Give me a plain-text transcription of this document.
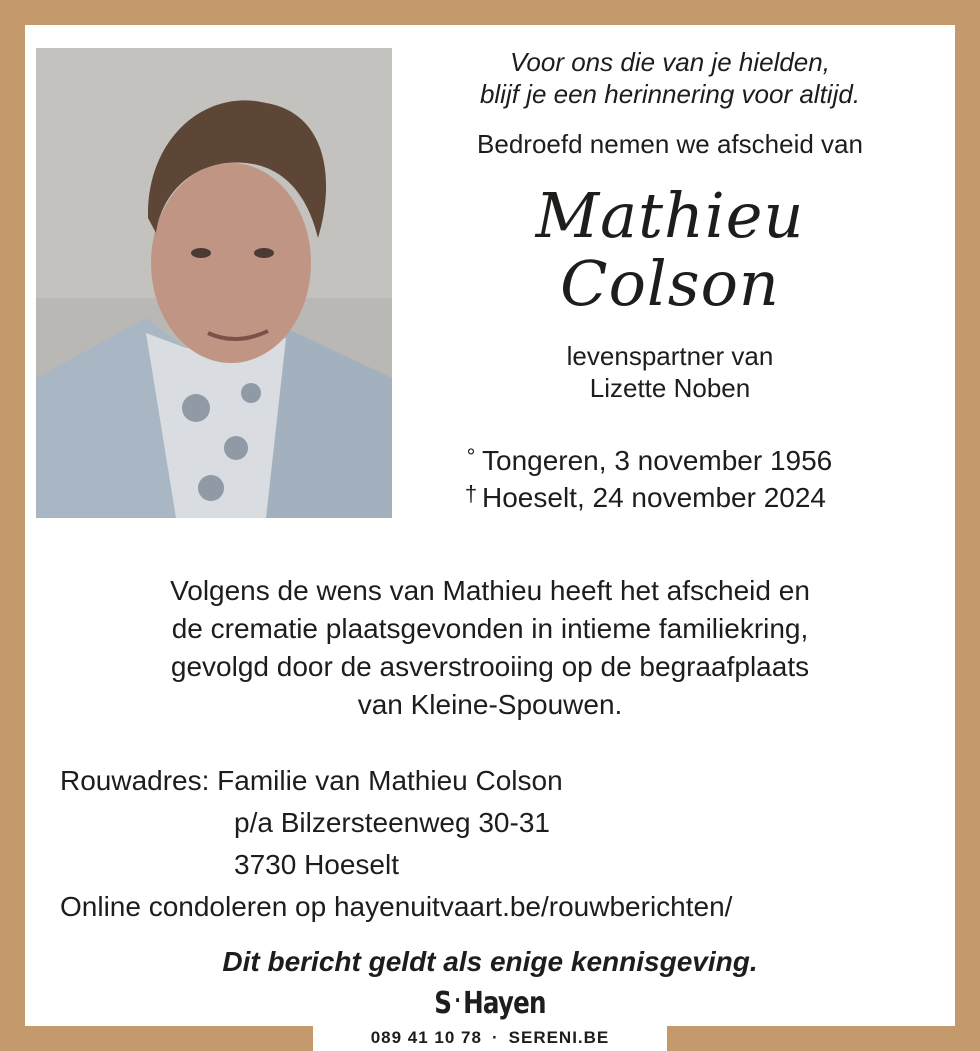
Voor ons die van je hielden,
blijf je een herinnering voor altijd.
Bedroefd nemen we afscheid van
Mathieu
Colson
levenspartner van
Lizette Noben
° Tongeren, 3 november 1956
† Hoeselt, 24 november 2024
Volgens de wens van Mathieu heeft het afscheid en
de crematie plaatsgevonden in intieme familiekring,
gevolgd door de asverstrooiing op de begraafplaats
van Kleine-Spouwen.
Rouwadres: Familie van Mathieu Colson
p/a Bilzersteenweg 30-31
3730 Hoeselt
Online condoleren op hayenuitvaart.be/rouwberichten/
Dit bericht geldt als enige kennisgeving.
S · Hayen
089 41 10 78 · SERENI.BE
